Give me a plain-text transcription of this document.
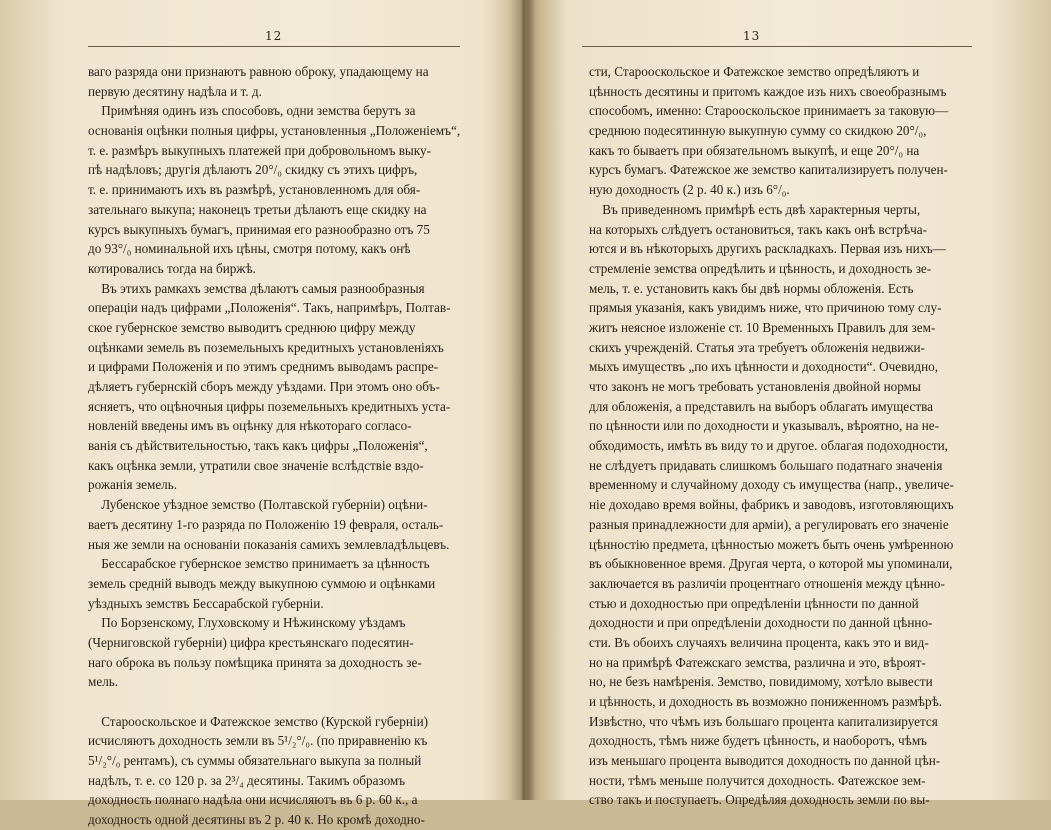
12
ваго разряда они признаютъ равною оброку, упадающему на
первую десятину надѣла и т. д.
Примѣняя одинъ изъ способовъ, одни земства берутъ за
основанія оцѣнки полныя цифры, установленныя „Положеніемъ“,
т. е. размѣръ выкупныхъ платежей при добровольномъ выку-
пѣ надѣловъ; другія дѣлаютъ 20°/₀ скидку съ этихъ цифръ,
т. е. принимаютъ ихъ въ размѣрѣ, установленномъ для обя-
зательнаго выкупа; наконецъ третьи дѣлаютъ еще скидку на
курсъ выкупныхъ бумагъ, принимая его разнообразно отъ 75
до 93°/₀ номинальной ихъ цѣны, смотря потому, какъ онѣ
котировались тогда на биржѣ.
Въ этихъ рамкахъ земства дѣлаютъ самыя разнообразныя
операціи надъ цифрами „Положенія“. Такъ, напримѣръ, Полтав-
ское губернское земство выводитъ среднюю цифру между
оцѣнками земель въ поземельныхъ кредитныхъ установленіяхъ
и цифрами Положенія и по этимъ среднимъ выводамъ распре-
дѣляетъ губернскій сборъ между уѣздами. При этомъ оно объ-
ясняетъ, что оцѣночныя цифры поземельныхъ кредитныхъ уста-
новленій введены имъ въ оцѣнку для нѣкотораго согласо-
ванія съ дѣйствительностью, такъ какъ цифры „Положенія“,
какъ оцѣнка земли, утратили свое значеніе вслѣдствіе вздо-
рожанія земель.
Лубенское уѣздное земство (Полтавской губерніи) оцѣни-
ваетъ десятину 1-го разряда по Положенію 19 февраля, осталь-
ныя же земли на основаніи показанія самихъ землевладѣльцевъ.
Бессарабское губернское земство принимаетъ за цѣнность
земель средній выводъ между выкупною суммою и оцѣнками
уѣздныхъ земствъ Бессарабской губерніи.
По Борзенскому, Глуховскому и Нѣжинскому уѣздамъ
(Черниговской губерніи) цифра крестьянскаго подесятин-
наго оброка въ пользу помѣщика принята за доходность зе-
мель.
Старооскольское и Фатежское земство (Курской губерніи)
исчисляютъ доходность земли въ 5¹/₂°/₀. (по приравненію къ
5¹/₂°/₀ рентамъ), съ суммы обязательнаго выкупа за полный
надѣлъ, т. е. со 120 р. за 2³/₄ десятины. Такимъ образомъ
доходность полнаго надѣла они исчисляютъ въ 6 р. 60 к., а
доходность одной десятины въ 2 р. 40 к. Но кромѣ доходно-
13
сти, Старооскольское и Фатежское земство опредѣляютъ и
цѣнность десятины и притомъ каждое изъ нихъ своеобразнымъ
способомъ, именно: Старооскольское принимаетъ за таковую—
среднюю подесятинную выкупную сумму со скидкою 20°/₀,
какъ то бываетъ при обязательномъ выкупѣ, и еще 20°/₀ на
курсъ бумагъ. Фатежское же земство капитализируетъ получен-
ную доходность (2 р. 40 к.) изъ 6°/₀.
Въ приведенномъ примѣрѣ есть двѣ характерныя черты,
на которыхъ слѣдуетъ остановиться, такъ какъ онѣ встрѣча-
ются и въ нѣкоторыхъ другихъ раскладкахъ. Первая изъ нихъ—
стремленіе земства опредѣлить и цѣнность, и доходность зе-
мель, т. е. установить какъ бы двѣ нормы обложенія. Есть
прямыя указанія, какъ увидимъ ниже, что причиною тому слу-
житъ неясное изложеніе ст. 10 Временныхъ Правилъ для зем-
скихъ учрежденій. Статья эта требуетъ обложенія недвижи-
мыхъ имуществъ „по ихъ цѣнности и доходности“. Очевидно,
что законъ не могъ требовать установленія двойной нормы
для обложенія, а представилъ на выборъ облагать имущества
по цѣнности или по доходности и указывалъ, вѣроятно, на не-
обходимость, имѣть въ виду то и другое. облагая подоходности,
не слѣдуетъ придавать слишкомъ большаго податнаго значенія
временному и случайному доходу съ имущества (напр., увеличе-
ніе доходаво время войны, фабрикъ и заводовъ, изготовляющихъ
разныя принадлежности для арміи), а регулировать его значеніе
цѣнностію предмета, цѣнностью можетъ быть очень умѣренною
въ обыкновенное время. Другая черта, о которой мы упоминали,
заключается въ различіи процентнаго отношенія между цѣнно-
стью и доходностью при опредѣленіи цѣнности по данной
доходности и при опредѣленіи доходности по данной цѣнно-
сти. Въ обоихъ случаяхъ величина процента, какъ это и вид-
но на примѣрѣ Фатежскаго земства, различна и это, вѣроят-
но, не безъ намѣренія. Земство, повидимому, хотѣло вывести
и цѣнность, и доходность въ возможно пониженномъ размѣрѣ.
Извѣстно, что чѣмъ изъ большаго процента капитализируется
доходность, тѣмъ ниже будетъ цѣнность, и наоборотъ, чѣмъ
изъ меньшаго процента выводится доходность по данной цѣн-
ности, тѣмъ меньше получится доходность. Фатежское зем-
ство такъ и поступаетъ. Опредѣляя доходность земли по вы-
